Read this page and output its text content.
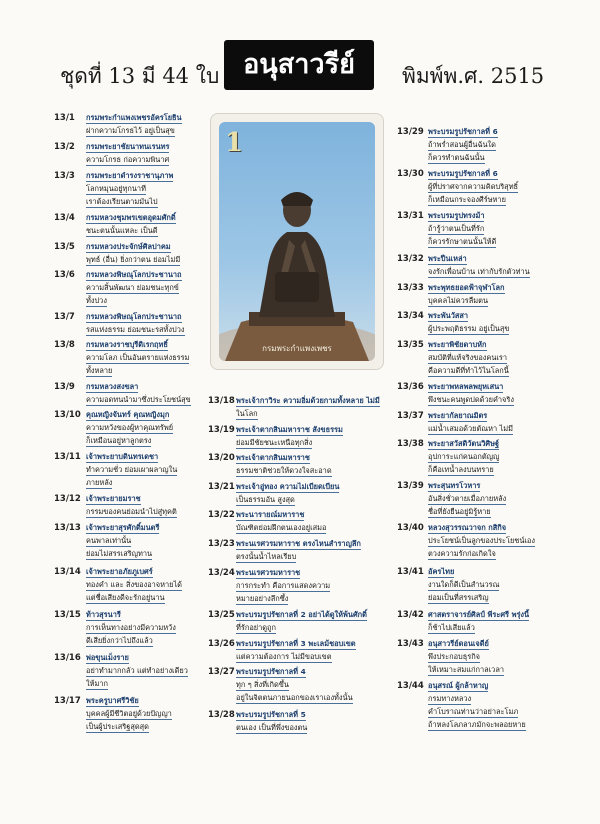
ชุดที่ 13 มี 44 ใบ อนุสาวรีย์	พิมพ์พ.ศ. 2515
1
กรมพระกำแพงเพชร
13/1 กรมพระกำแพงเพชรอัครโยธิน
ฝากความโกรธไว้ อยู่เป็นสุข
13/2 กรมพระยาชัยนาทนเรนทร
ความโกรธ ก่อความพินาศ
13/3 กรมพระยาดำรงราชานุภาพ
โลกหมุนอยู่ทุกนาที
เราต้องเรียนตามมันไป
13/4 กรมหลวงชุมพรเขตอุดมศักดิ์
ชนะตนนั้นแหละ เป็นดี
13/5 กรมหลวงประจักษ์ศิลปาคม
พุทธ์ (อื่น) ยิ่งกว่าตน ย่อมไม่มี
13/6 กรมหลวงพิษณุโลกประชานาถ
ความสิ้นพัฒนา ย่อมชนะทุกข์
ทั้งปวง
13/7 กรมหลวงพิษณุโลกประชานาถ
รสแห่งธรรม ย่อมชนะรสทั้งปวง
13/8 กรมหลวงราชบุรีดิเรกฤทธิ์
ความโลภ เป็นอันตรายแห่งธรรม
ทั้งหลาย
13/9 กรมหลวงสงขลา
ความอดทนนำมาซึ่งประโยชน์สุข
13/10 คุณหญิงจันทร์ คุณหญิงมุก
ความหวังของผู้หาคุณทรัพย์
ก็เหมือนอยู่หาลูกตรง
13/11 เจ้าพระยาบดินทรเดชา
ทำความชั่ว ย่อมเผาผลาญใน
ภายหลัง
13/12 เจ้าพระยายมราช
กรรมของคนย่อมนำไปสู่ทุคติ
13/13 เจ้าพระยาสุรศักดิ์มนตรี
คนพาลเท่านั้น
ย่อมไม่สรรเสริญทาน
13/14 เจ้าพระยาอภัยภูเบศร์
ทองคำ และ สิ่งของอาจหายได้
แต่ชื่อเสียงดีจะรักอยู่นาน
13/15 ท้าวสุรนารี
การเห็นทางอย่างมีความหวัง
ดีเสียยิ่งกว่าไปถึงแล้ว
13/16 พ่อขุนเม็งราย
อย่าทำมากกลัว แต่ทำอย่างเดียว
ให้มาก
13/17 พระครูบาศรีวิชัย
บุคคลผู้มีชีวิตอยู่ด้วยปัญญา
เป็นผู้ประเสริฐสุดสุด
13/18 พระเจ้ากาวิระ ความอิ่มด้วยกามทั้งหลาย ไม่มี
ในโลก
13/19 พระเจ้าตากสินมหาราช สังขธรรม
ย่อมมีชัยชนะเหนือทุกสิ่ง
13/20 พระเจ้าตากสินมหาราช
ธรรมชาติช่วยให้ดวงใจสะอาด
13/21 พระเจ้าอู่ทอง ความไม่เบียดเบียน
เป็นธรรมอัน สูงสุด
13/22 พระนารายณ์มหาราช
บัณฑิตย่อมฝึกตนเองอยู่เสมอ
13/23 พระนเรศวรมหาราช ตรงไหนสำราญลึก
ตรงนั้นน้ำไหลเรียบ
13/24 พระนเรศวรมหาราช
การกระทำ คือการแสดงความ
หมายอย่างลึกซึ้ง
13/25 พระบรมรูปรัชกาลที่ 2 อย่าได้ดูให้พ้นศักดิ์
ที่รักอย่าดูถูก
13/26 พระบรมรูปรัชกาลที่ 3 พะเลม้ชอบเขต
แต่ความต้องการ ไม่มีขอบเขต
13/27 พระบรมรูปรัชกาลที่ 4
ทุก ๆ สิ่งที่เกิดขึ้น
อยู่ในจิตตนภายนอกของเราเองทั้งนั้น
13/28 พระบรมรูปรัชกาลที่ 5
ตนเอง เป็นที่พึ่งของตน
13/29 พระบรมรูปรัชกาลที่ 6
ถ้าพร่ำสอนผู้อื่นฉันใด
ก็ควรทำตนฉันนั้น
13/30 พระบรมรูปรัชกาลที่ 6
ผู้ที่ปราศจากความคิดบริสุทธิ์
ก็เหมือนกระจองศีร์ษหาย
13/31 พระบรมรูปทรงม้า
ถ้ารู้ว่าตนเป็นที่รัก
ก็ควรรักษาตนนั้นให้ดี
13/32 พระปืนเหล่า
จงรักเพื่อนบ้าน เท่ากับรักตัวท่าน
13/33 พระพุทธยอดฟ้าจุฬาโลก
บุคคลไม่ควรลืมตน
13/34 พระพันวัสสา
ผู้ประพฤติธรรม อยู่เป็นสุข
13/35 พระยาพิชัยดาบหัก
สมบัติที่แท้จริงของคนเรา
คือความดีที่ทำไว้ในโลกนี้
13/36 พระยาพหลพลพยุหเสนา
พึงชนะคนพูดปดด้วยคำจริง
13/37 พระยากัลยาณมิตร
แม่น้ำเสมอด้วยตัณหา ไม่มี
13/38 พระยาสวัสดิวัตนวิศิษฐ์
อุปการะแก่คนอกตัญญู
ก็คือเทน้ำลงบนทราย
13/39 พระสุนทรโวหาร
อันสิ่งชั่วตายเมื่อภายหลัง
ชื่อที่ยังยืนอยู่มิรู้หาย
13/40 หลวงสุวรรณวาจก กสิกิจ
ประโยชน์เป็นลูกของประโยชน์เอง
ตวงความรักก่อเกิดใจ
13/41 อัครไทย
งานใดก็ดีเป็นสำนวรณ
ย่อมเป็นที่สรรเสริญ
13/42 ศาสตราจารย์ศิลป์ พีระศรี พรุ่งนี้
ก็ช้าไปเสียแล้ว
13/43 อนุสาวรีย์ดอนเจดีย์
พึงประกอบธุรกิจ
ให้เหมาะสมแก่กาลเวลา
13/44 อนุสรณ์ ผู้กล้าหาญ
กรมทางหลวง
คำโบราณท่านว่าอย่าละโมภ
ถ้าหลงโลภลาภมักจะพลอยหาย
